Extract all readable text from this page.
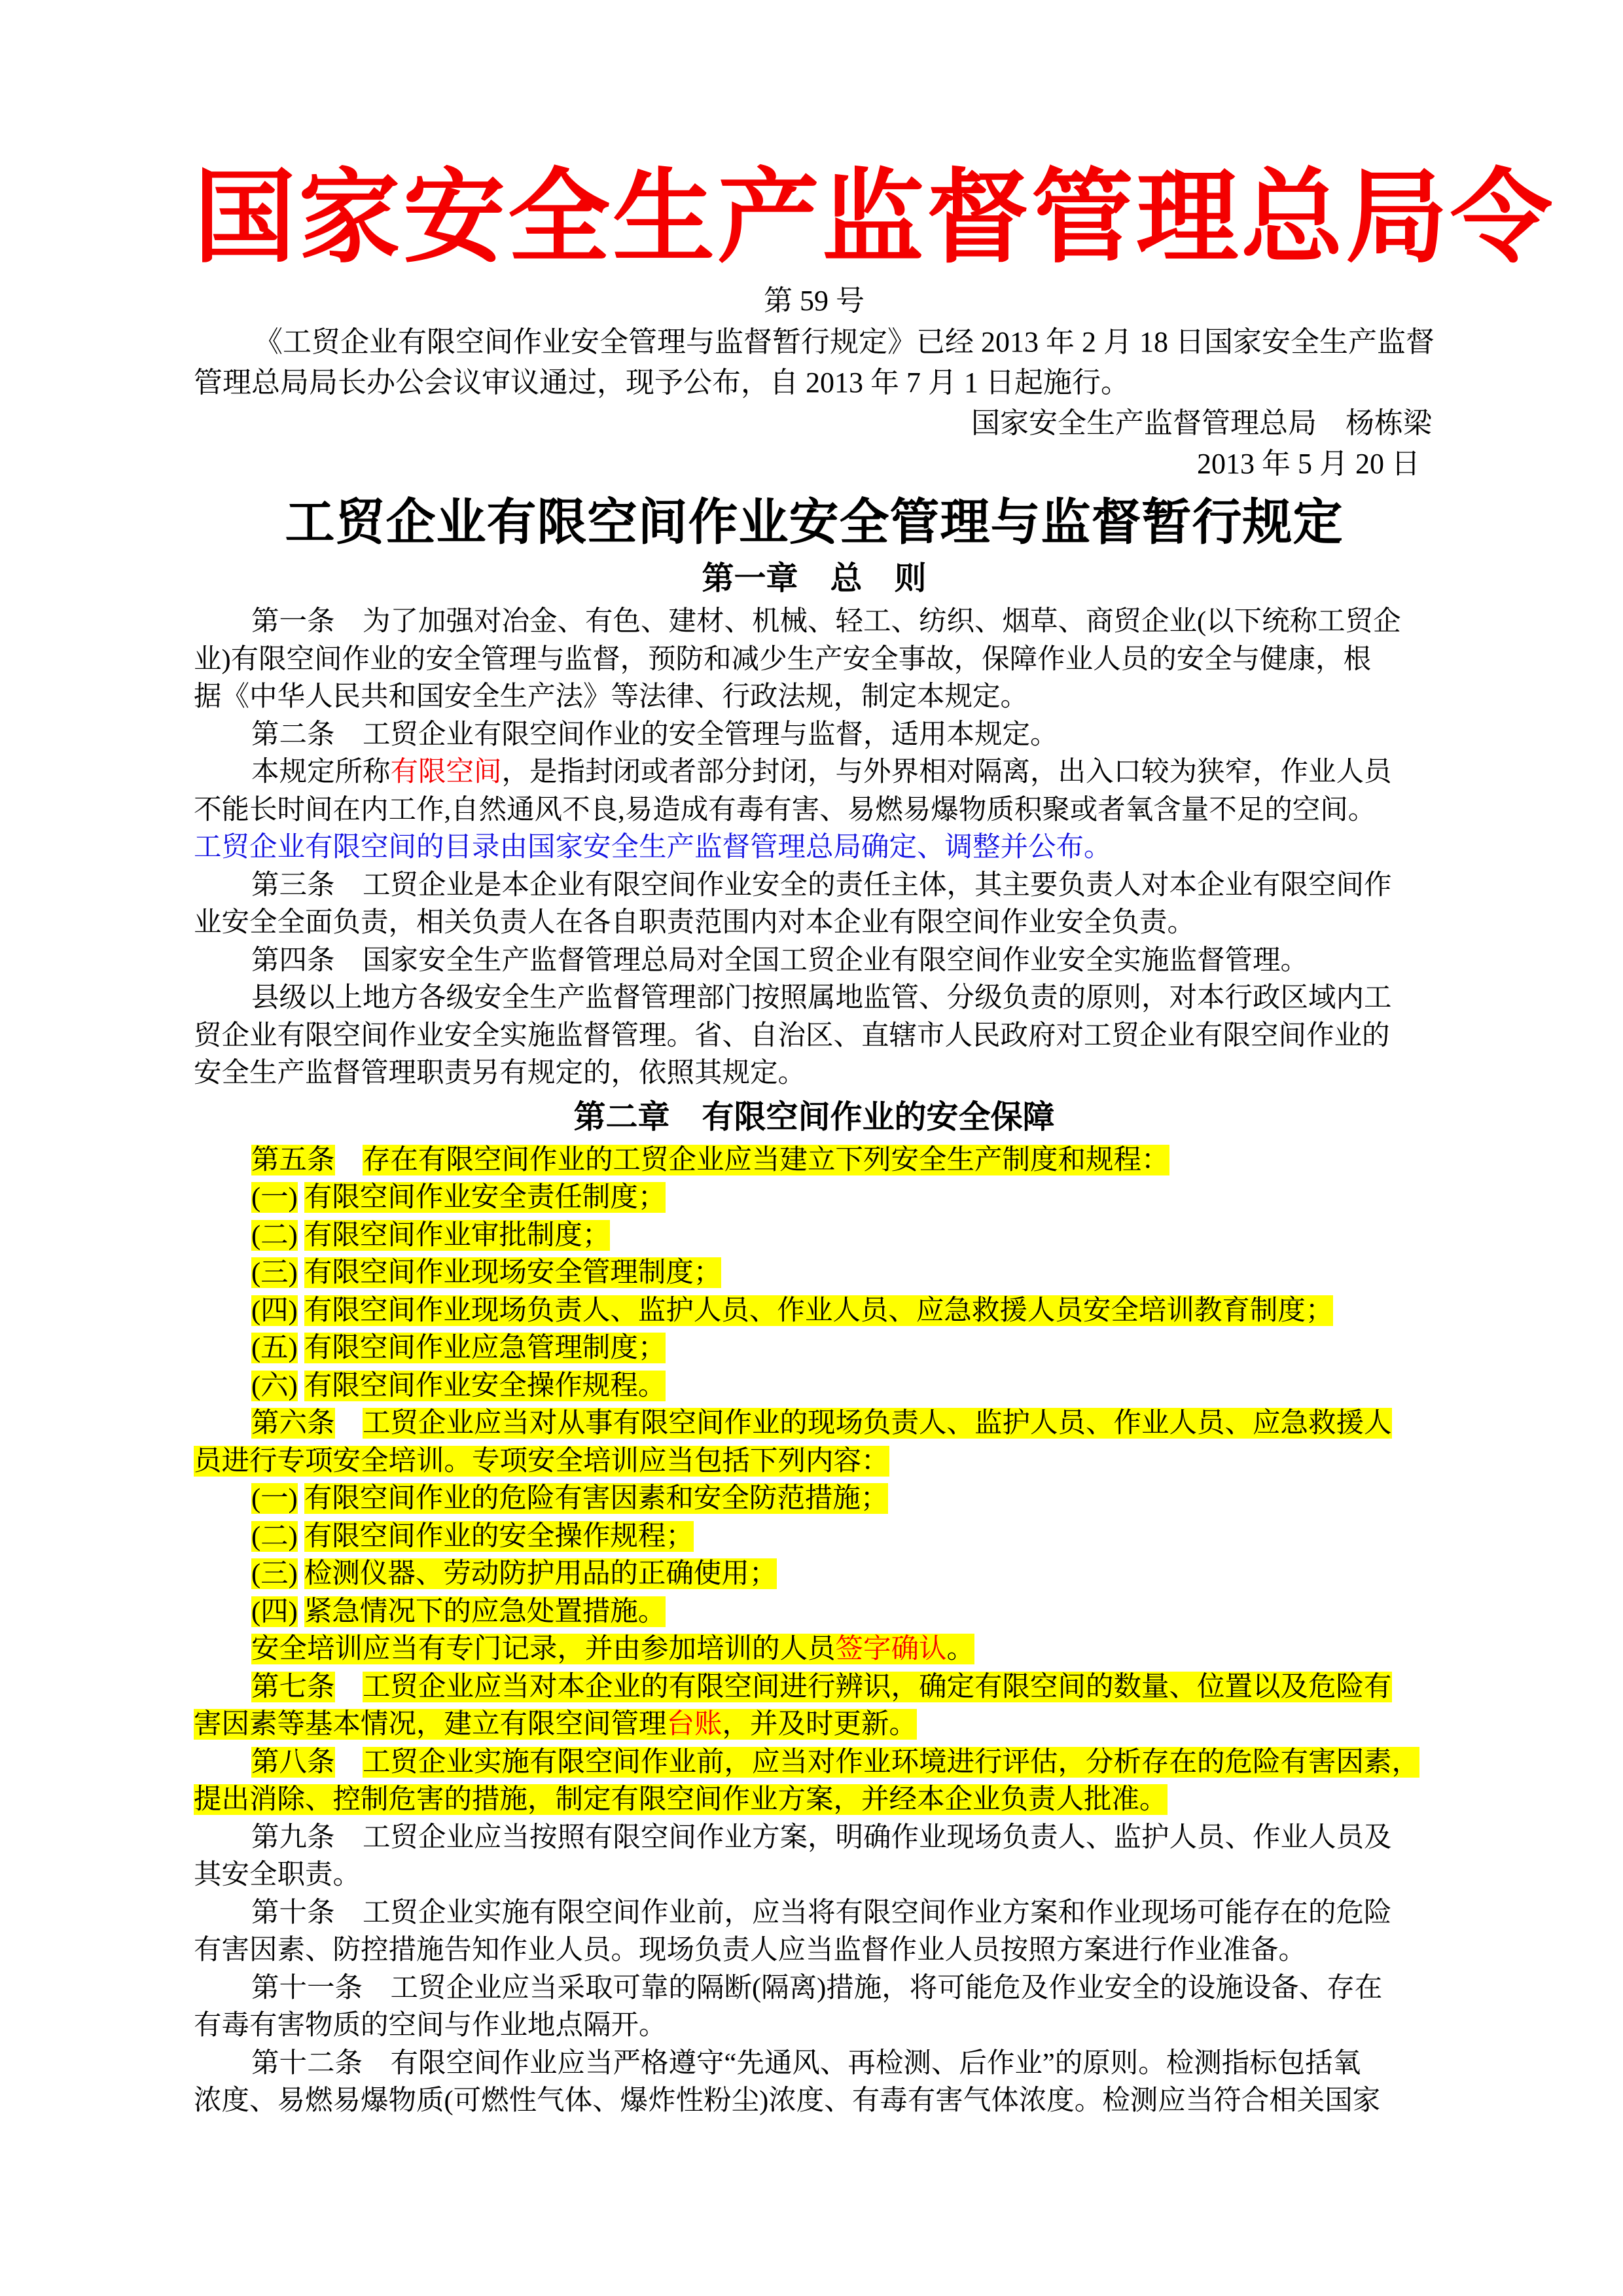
国家安全生产监督管理总局令
第 59 号
《工贸企业有限空间作业安全管理与监督暂行规定》已经 2013 年 2 月 18 日国家安全生产监督
管理总局局长办公会议审议通过，现予公布，自 2013 年 7 月 1 日起施行。
国家安全生产监督管理总局　杨栋梁
2013 年 5 月 20 日
工贸企业有限空间作业安全管理与监督暂行规定
第一章　总　则
第一条　为了加强对冶金、有色、建材、机械、轻工、纺织、烟草、商贸企业(以下统称工贸企
业)有限空间作业的安全管理与监督，预防和减少生产安全事故，保障作业人员的安全与健康，根
据《中华人民共和国安全生产法》等法律、行政法规，制定本规定。
第二条　工贸企业有限空间作业的安全管理与监督，适用本规定。
本规定所称有限空间，是指封闭或者部分封闭，与外界相对隔离，出入口较为狭窄，作业人员
不能长时间在内工作,自然通风不良,易造成有毒有害、易燃易爆物质积聚或者氧含量不足的空间。
工贸企业有限空间的目录由国家安全生产监督管理总局确定、调整并公布。
第三条　工贸企业是本企业有限空间作业安全的责任主体，其主要负责人对本企业有限空间作
业安全全面负责，相关负责人在各自职责范围内对本企业有限空间作业安全负责。
第四条　国家安全生产监督管理总局对全国工贸企业有限空间作业安全实施监督管理。
县级以上地方各级安全生产监督管理部门按照属地监管、分级负责的原则，对本行政区域内工
贸企业有限空间作业安全实施监督管理。省、自治区、直辖市人民政府对工贸企业有限空间作业的
安全生产监督管理职责另有规定的，依照其规定。
第二章　有限空间作业的安全保障
第五条　 存在有限空间作业的工贸企业应当建立下列安全生产制度和规程：
(一) 有限空间作业安全责任制度；
(二) 有限空间作业审批制度；
(三) 有限空间作业现场安全管理制度；
(四) 有限空间作业现场负责人、监护人员、作业人员、应急救援人员安全培训教育制度；
(五) 有限空间作业应急管理制度；
(六) 有限空间作业安全操作规程。
第六条　 工贸企业应当对从事有限空间作业的现场负责人、监护人员、作业人员、应急救援人
员进行专项安全培训。专项安全培训应当包括下列内容：
(一) 有限空间作业的危险有害因素和安全防范措施；
(二) 有限空间作业的安全操作规程；
(三) 检测仪器、劳动防护用品的正确使用；
(四) 紧急情况下的应急处置措施。
安全培训应当有专门记录，并由参加培训的人员签字确认。
第七条　 工贸企业应当对本企业的有限空间进行辨识，确定有限空间的数量、位置以及危险有
害因素等基本情况，建立有限空间管理台账，并及时更新。
第八条　 工贸企业实施有限空间作业前，应当对作业环境进行评估，分析存在的危险有害因素，
提出消除、控制危害的措施，制定有限空间作业方案，并经本企业负责人批准。
第九条　工贸企业应当按照有限空间作业方案，明确作业现场负责人、监护人员、作业人员及
其安全职责。
第十条　工贸企业实施有限空间作业前，应当将有限空间作业方案和作业现场可能存在的危险
有害因素、防控措施告知作业人员。现场负责人应当监督作业人员按照方案进行作业准备。
第十一条　工贸企业应当采取可靠的隔断(隔离)措施，将可能危及作业安全的设施设备、存在
有毒有害物质的空间与作业地点隔开。
第十二条　有限空间作业应当严格遵守“先通风、再检测、后作业”的原则。检测指标包括氧
浓度、易燃易爆物质(可燃性气体、爆炸性粉尘)浓度、有毒有害气体浓度。检测应当符合相关国家
